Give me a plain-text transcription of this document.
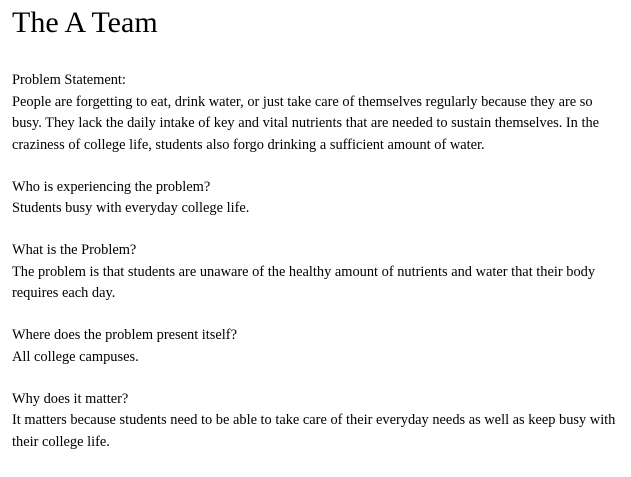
The A Team

Problem Statement:

People are forgetting to eat, drink water, or just take care of themselves regularly because they are so busy. They lack the daily intake of key and vital nutrients that are needed to sustain themselves. In the craziness of college life, students also forgo drinking a sufficient amount of water.

Who is experiencing the problem?

Students busy with everyday college life.

What is the Problem?

The problem is that students are unaware of the healthy amount of nutrients and water that their body requires each day.

Where does the problem present itself?

All college campuses.

Why does it matter?

It matters because students need to be able to take care of their everyday needs as well as keep busy with their college life.
